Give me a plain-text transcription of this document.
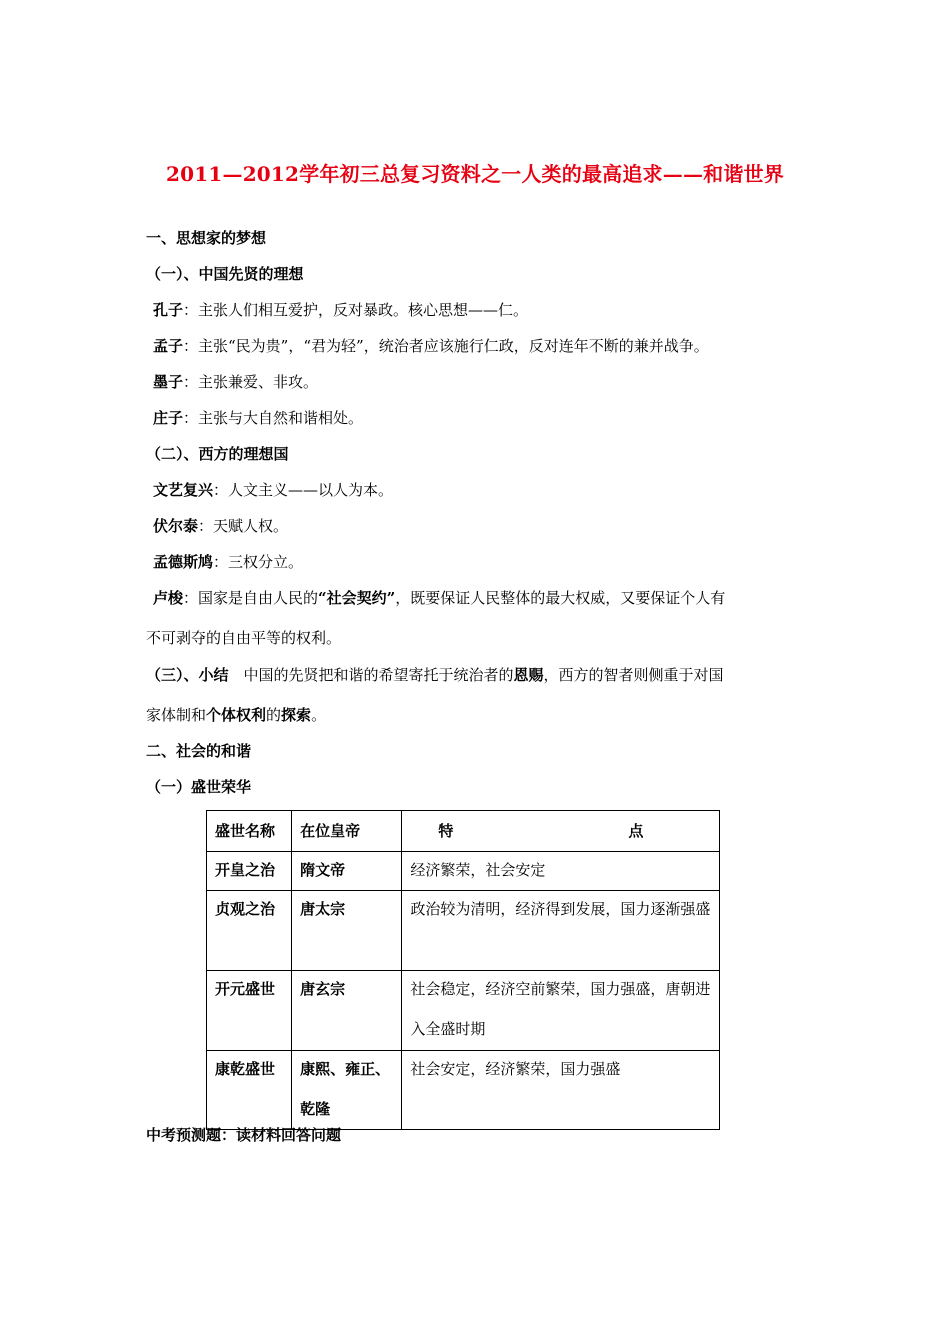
2011—2012学年初三总复习资料之一人类的最高追求——和谐世界
一、思想家的梦想
（一）、中国先贤的理想
孔子：主张人们相互爱护，反对暴政。核心思想——仁。
孟子：主张“民为贵”，“君为轻”，统治者应该施行仁政，反对连年不断的兼并战争。
墨子：主张兼爱、非攻。
庄子：主张与大自然和谐相处。
（二）、西方的理想国
文艺复兴：人文主义——以人为本。
伏尔泰：天赋人权。
孟德斯鸠：三权分立。
卢梭：国家是自由人民的“社会契约”，既要保证人民整体的最大权威，又要保证个人有
不可剥夺的自由平等的权利。
（三）、小结　中国的先贤把和谐的希望寄托于统治者的恩赐，西方的智者则侧重于对国
家体制和个体权利的探索。
二、社会的和谐
（一）盛世荣华
盛世名称	在位皇帝	特 点

开皇之治	隋文帝	经济繁荣，社会安定

贞观之治	唐太宗	政治较为清明，经济得到发展，国力逐渐强盛

开元盛世	唐玄宗	社会稳定，经济空前繁荣，国力强盛，唐朝进入全盛时期

康乾盛世	康熙、雍正、乾隆	社会安定，经济繁荣，国力强盛
中考预测题：读材料回答问题
